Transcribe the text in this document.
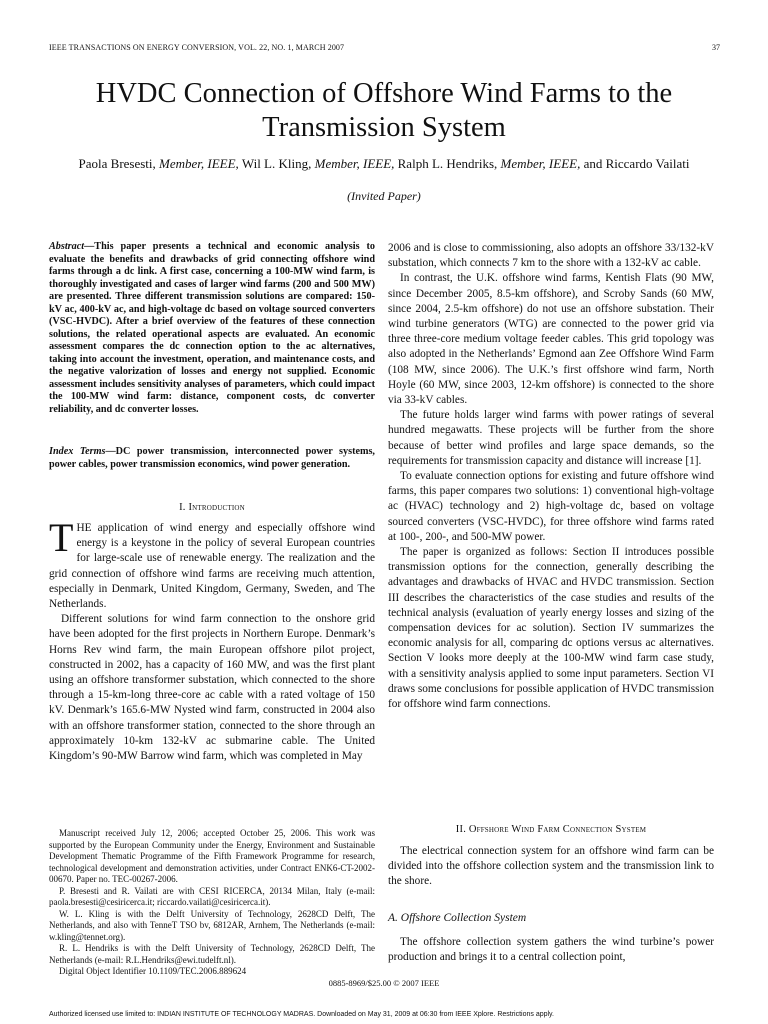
IEEE TRANSACTIONS ON ENERGY CONVERSION, VOL. 22, NO. 1, MARCH 2007	37
HVDC Connection of Offshore Wind Farms to the Transmission System
Paola Bresesti, Member, IEEE, Wil L. Kling, Member, IEEE, Ralph L. Hendriks, Member, IEEE, and Riccardo Vailati
(Invited Paper)
Abstract—This paper presents a technical and economic analysis to evaluate the benefits and drawbacks of grid connecting offshore wind farms through a dc link. A first case, concerning a 100-MW wind farm, is thoroughly investigated and cases of larger wind farms (200 and 500 MW) are presented. Three different transmission solutions are compared: 150-kV ac, 400-kV ac, and high-voltage dc based on voltage sourced converters (VSC-HVDC). After a brief overview of the features of these connection solutions, the related operational aspects are evaluated. An economic assessment compares the dc connection option to the ac alternatives, taking into account the investment, operation, and maintenance costs, and the negative valorization of losses and energy not supplied. Economic assessment includes sensitivity analyses of parameters, which could impact the 100-MW wind farm: distance, component costs, dc converter reliability, and dc converter losses.
Index Terms—DC power transmission, interconnected power systems, power cables, power transmission economics, wind power generation.
I. Introduction

THE application of wind energy and especially offshore wind energy is a keystone in the policy of several European countries for large-scale use of renewable energy. The realization and the grid connection of offshore wind farms are receiving much attention, especially in Denmark, United Kingdom, Germany, Sweden, and The Netherlands.

Different solutions for wind farm connection to the onshore grid have been adopted for the first projects in Northern Europe. Denmark’s Horns Rev wind farm, the main European offshore pilot project, constructed in 2002, has a capacity of 160 MW, and was the first plant using an offshore transformer substation, which connected to the shore through a 15-km-long three-core ac cable with a rated voltage of 150 kV. Denmark’s 165.6-MW Nysted wind farm, constructed in 2004 also with an offshore transformer station, connected to the shore through an approximately 10-km 132-kV ac submarine cable. The United Kingdom’s 90-MW Barrow wind farm, which was completed in May

Manuscript received July 12, 2006; accepted October 25, 2006. This work was supported by the European Community under the Energy, Environment and Sustainable Development Thematic Programme of the Fifth Framework Programme for research, technological development and demonstration activities, under Contract ENK6-CT-2002-00670. Paper no. TEC-00267-2006.

P. Bresesti and R. Vailati are with CESI RICERCA, 20134 Milan, Italy (e-mail: paola.bresesti@cesiricerca.it; riccardo.vailati@cesiricerca.it).

W. L. Kling is with the Delft University of Technology, 2628CD Delft, The Netherlands, and also with TenneT TSO bv, 6812AR, Arnhem, The Netherlands (e-mail: w.kling@tennet.org).

R. L. Hendriks is with the Delft University of Technology, 2628CD Delft, The Netherlands (e-mail: R.L.Hendriks@ewi.tudelft.nl).

Digital Object Identifier 10.1109/TEC.2006.889624

2006 and is close to commissioning, also adopts an offshore 33/132-kV substation, which connects 7 km to the shore with a 132-kV ac cable.

In contrast, the U.K. offshore wind farms, Kentish Flats (90 MW, since December 2005, 8.5-km offshore), and Scroby Sands (60 MW, since 2004, 2.5-km offshore) do not use an offshore substation. Their wind turbine generators (WTG) are connected to the power grid via three three-core medium voltage feeder cables. This grid topology was also adopted in the Netherlands’ Egmond aan Zee Offshore Wind Farm (108 MW, since 2006). The U.K.’s first offshore wind farm, North Hoyle (60 MW, since 2003, 12-km offshore) is connected to the shore via 33-kV cables.

The future holds larger wind farms with power ratings of several hundred megawatts. These projects will be further from the shore because of better wind profiles and large space demands, so the requirements for transmission capacity and distance will increase [1].

To evaluate connection options for existing and future offshore wind farms, this paper compares two solutions: 1) conventional high-voltage ac (HVAC) technology and 2) high-voltage dc, based on voltage sourced converters (VSC-HVDC), for three offshore wind farms rated at 100-, 200-, and 500-MW power.

The paper is organized as follows: Section II introduces possible transmission options for the connection, generally describing the advantages and drawbacks of HVAC and HVDC transmission. Section III describes the characteristics of the case studies and results of the technical analysis (evaluation of yearly energy losses and sizing of the compensation devices for ac solution). Section IV summarizes the economic analysis for all, comparing dc options versus ac alternatives. Section V looks more deeply at the 100-MW wind farm case study, with a sensitivity analysis applied to some input parameters. Section VI draws some conclusions for possible application of HVDC transmission for offshore wind farm connections.

II. Offshore Wind Farm Connection System

The electrical connection system for an offshore wind farm can be divided into the offshore collection system and the transmission link to the shore.

A. Offshore Collection System

The offshore collection system gathers the wind turbine’s power production and brings it to a central collection point,

0885-8969/$25.00 © 2007 IEEE
Authorized licensed use limited to: INDIAN INSTITUTE OF TECHNOLOGY MADRAS. Downloaded on May 31, 2009 at 06:30 from IEEE Xplore. Restrictions apply.
